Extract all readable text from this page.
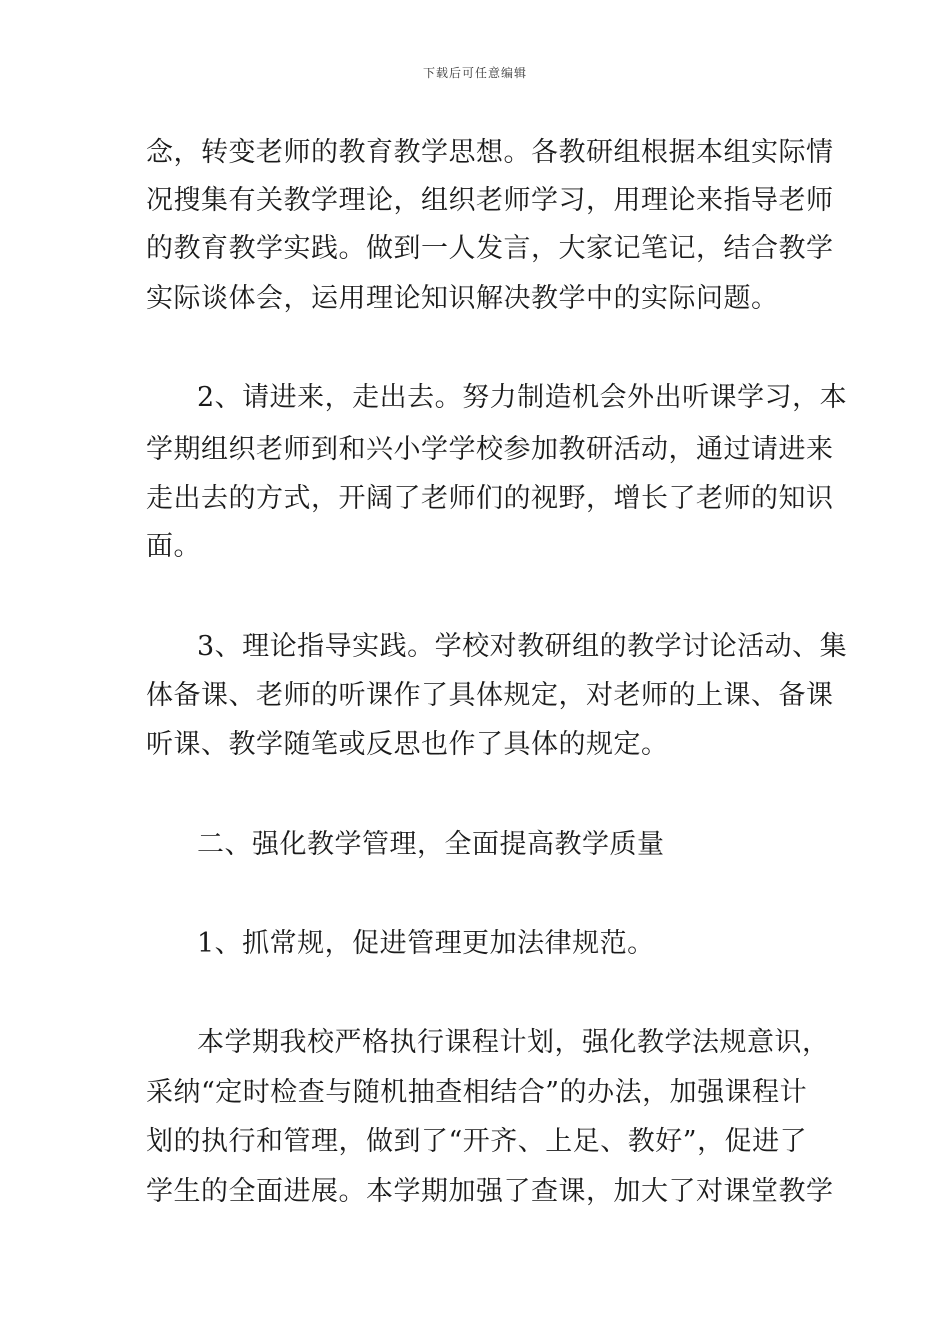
下载后可任意编辑
念，转变老师的教育教学思想。各教研组根据本组实际情
况搜集有关教学理论，组织老师学习，用理论来指导老师
的教育教学实践。做到一人发言，大家记笔记，结合教学
实际谈体会，运用理论知识解决教学中的实际问题。
2、请进来，走出去。努力制造机会外出听课学习，本
学期组织老师到和兴小学学校参加教研活动，通过请进来
走出去的方式，开阔了老师们的视野，增长了老师的知识
面。
3、理论指导实践。学校对教研组的教学讨论活动、集
体备课、老师的听课作了具体规定，对老师的上课、备课
听课、教学随笔或反思也作了具体的规定。
二、强化教学管理，全面提高教学质量
1、抓常规，促进管理更加法律规范。
本学期我校严格执行课程计划，强化教学法规意识，
采纳“定时检查与随机抽查相结合”的办法，加强课程计
划的执行和管理，做到了“开齐、上足、教好”，促进了
学生的全面进展。本学期加强了查课，加大了对课堂教学
